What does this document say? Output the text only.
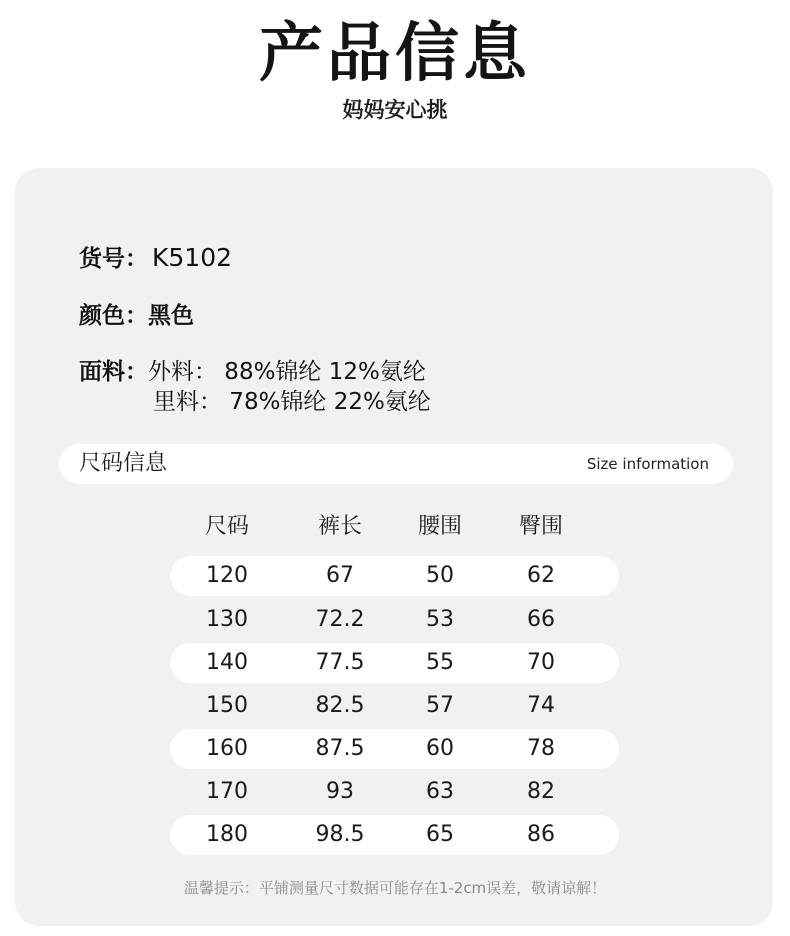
产品信息
妈妈安心挑
货号： K5102
颜色：黑色
面料：外料： 88%锦纶 12%氨纶
里料： 78%锦纶 22%氨纶
尺码信息	Size information
尺码	裤长	腰围	臀围
120	67	50	62
130	72.2	53	66
140	77.5	55	70
150	82.5	57	74
160	87.5	60	78
170	93	63	82
180	98.5	65	86
温馨提示：平铺测量尺寸数据可能存在1-2cm误差，敬请谅解！
